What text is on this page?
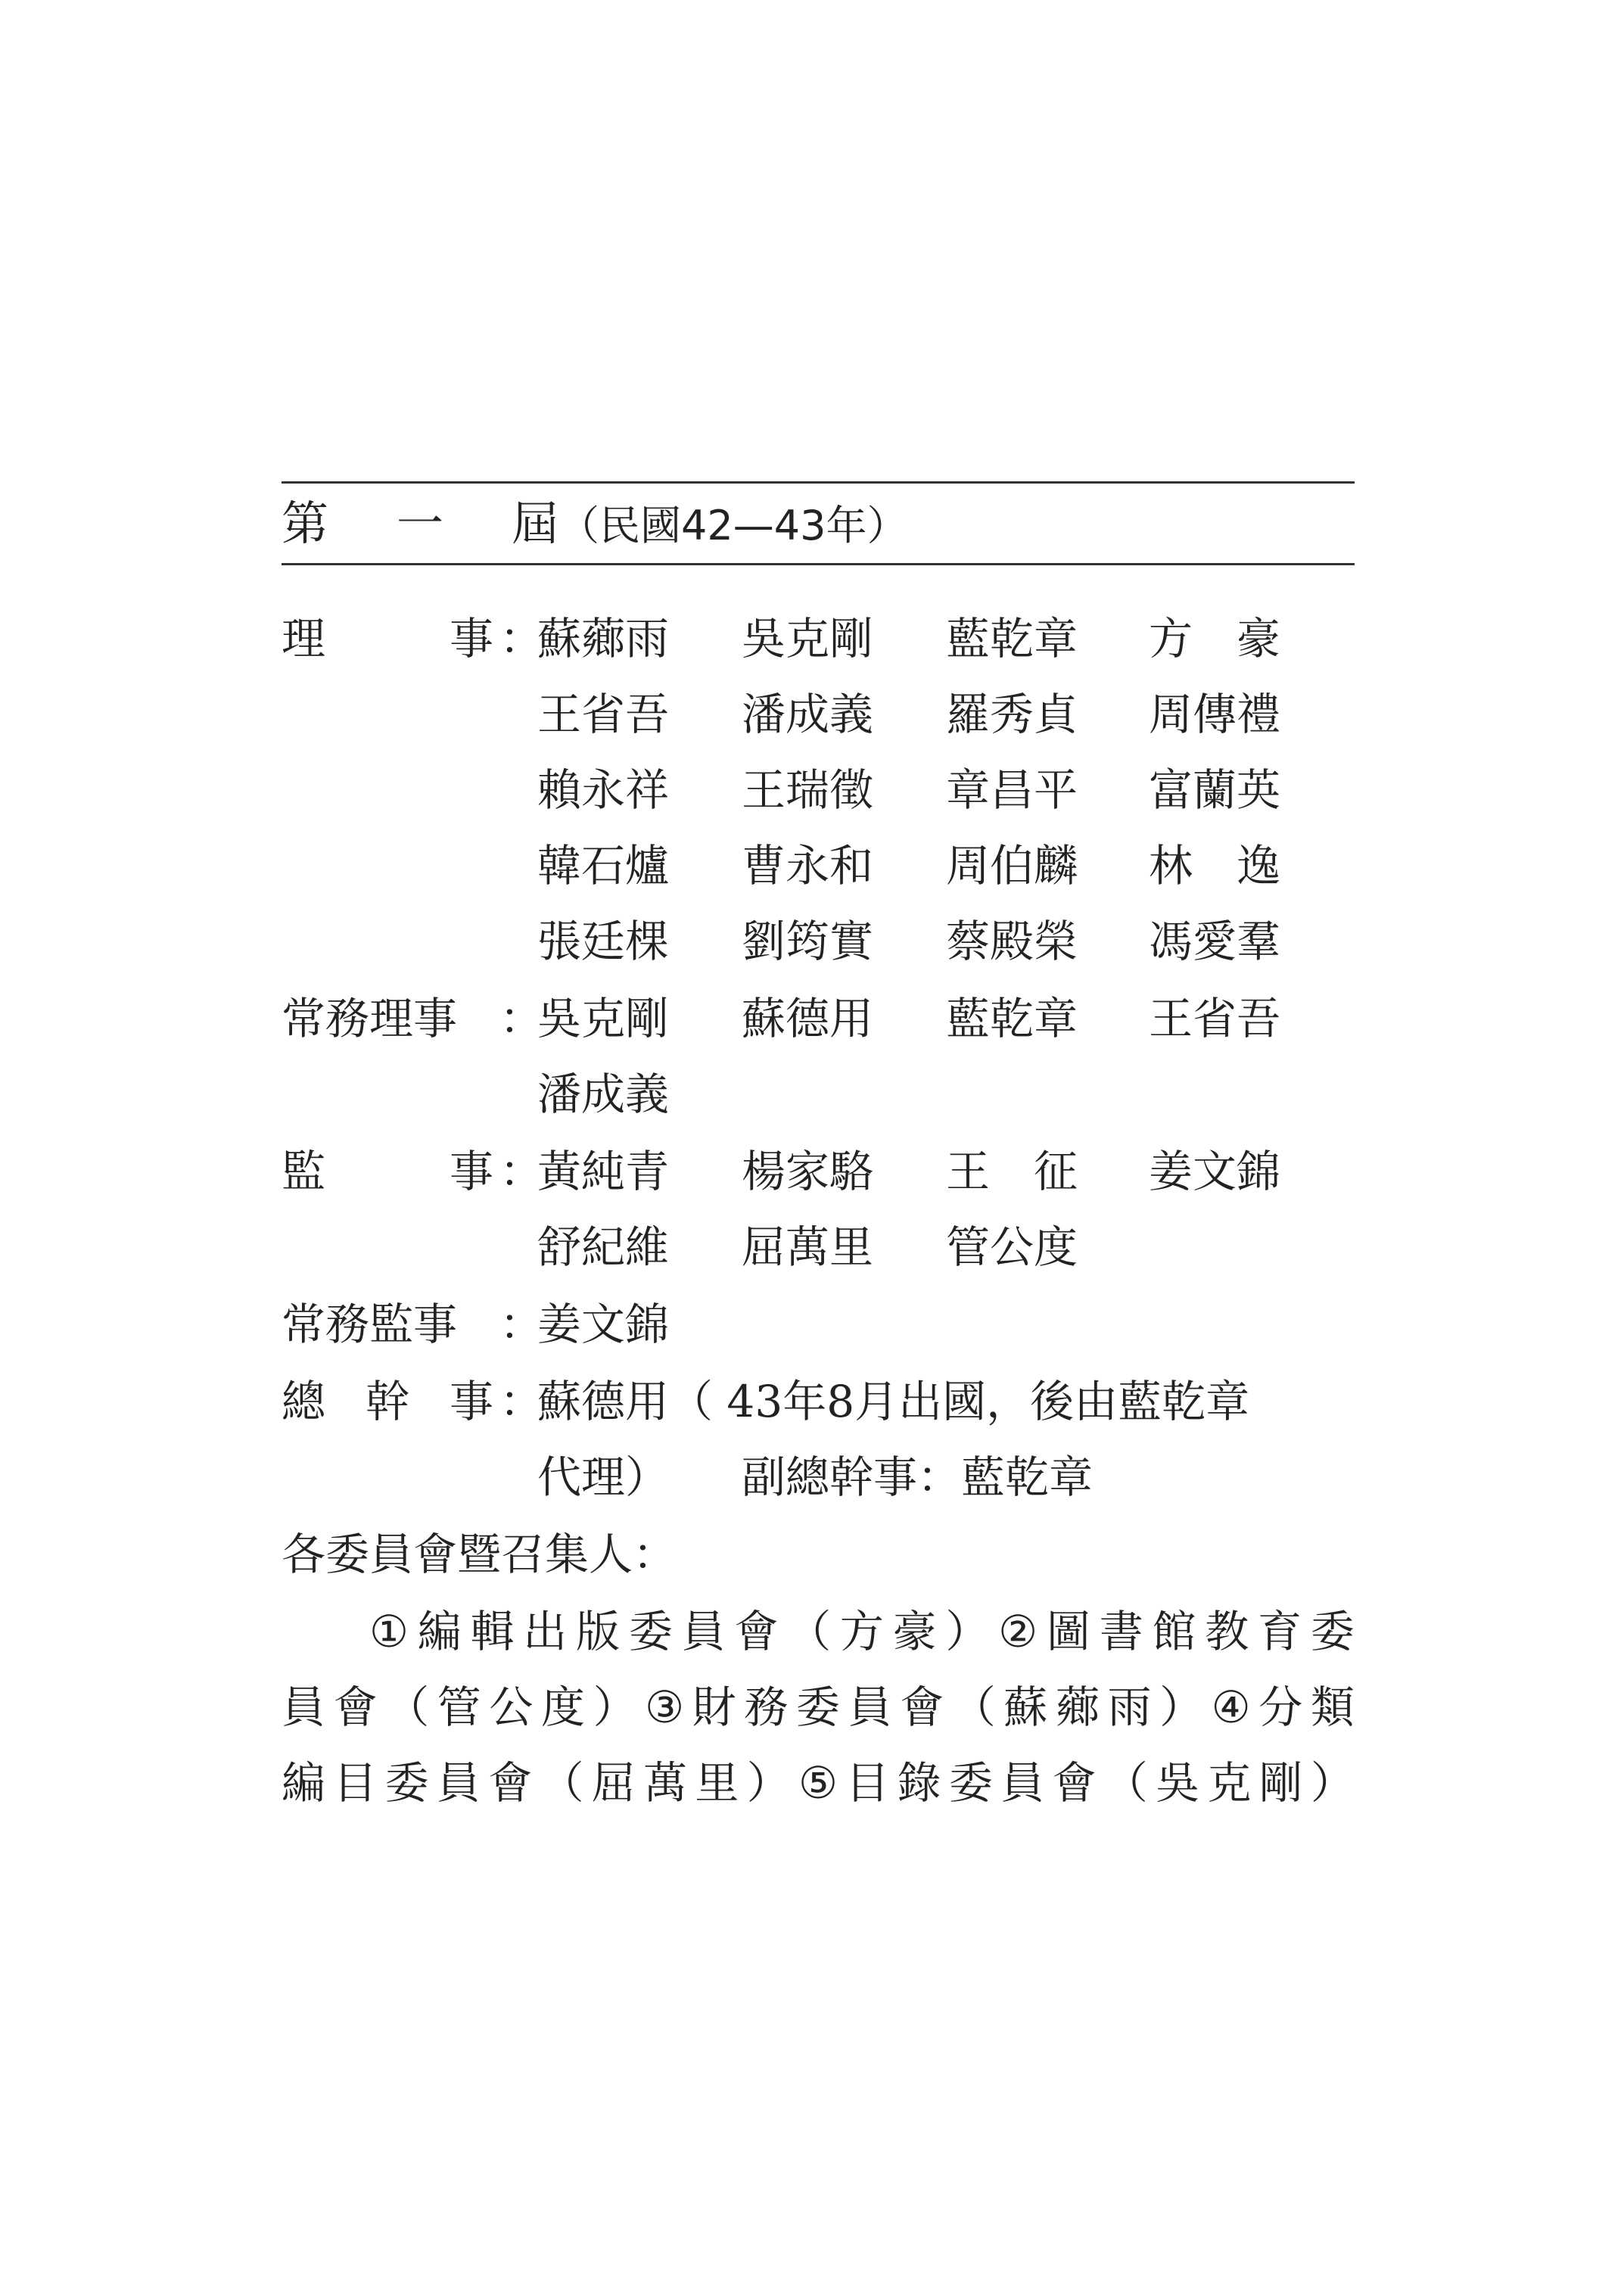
第 一 屆（民國42—43年）
理	事 ：
蘇薌雨 吳克剛 藍乾章 方　豪
王省吾 潘成義 羅秀貞 周傳禮
賴永祥 王瑞徵 章昌平 富蘭英
韓石爐 曹永和 周伯麟 林　逸
張廷棵 劉筠實 蔡殿榮 馮愛羣
常務理事 ：
吳克剛 蘇德用 藍乾章 王省吾
潘成義
監	事 ：
黃純青 楊家駱 王　征 姜文錦
舒紀維 屈萬里 管公度
常務監事 ：
姜文錦
總 幹 事 ：
蘇德用（ 43年8月出國，後由藍乾章
代理） 副總幹事：藍乾章
各委員會暨召集人：
① 編 輯 出 版 委 員 會 （ 方 豪 ） ② 圖 書 館 教 育 委
員 會 （ 管 公 度 ） ③ 財 務 委 員 會 （ 蘇 薌 雨 ） ④ 分 類
編 目 委 員 會 （ 屈 萬 里 ） ⑤ 目 錄 委 員 會 （ 吳 克 剛 ）
